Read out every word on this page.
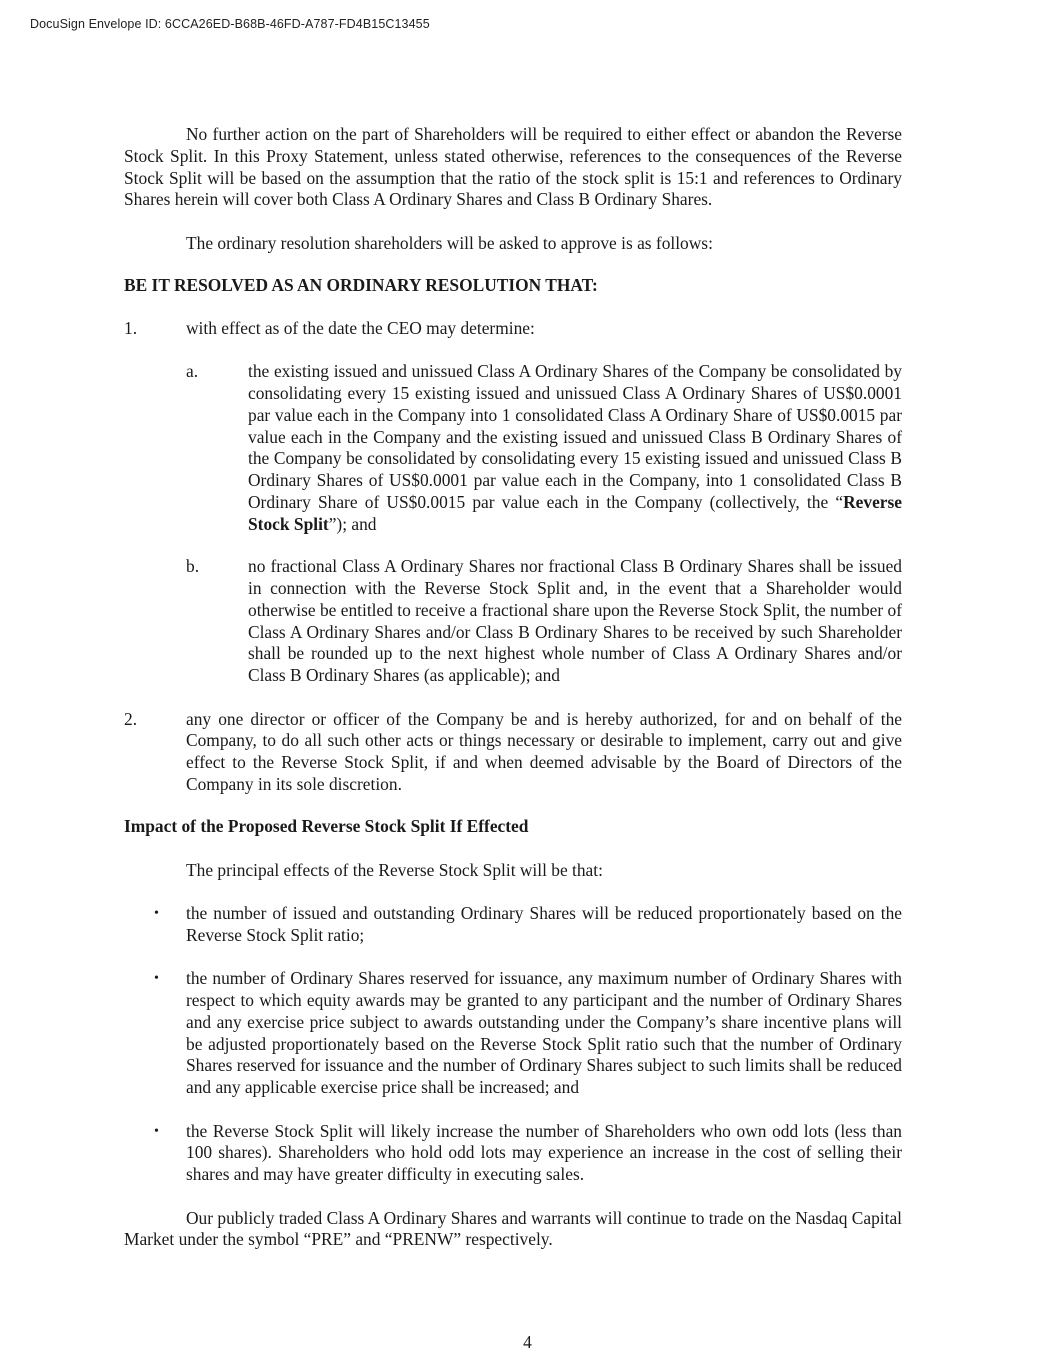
DocuSign Envelope ID: 6CCA26ED-B68B-46FD-A787-FD4B15C13455

No further action on the part of Shareholders will be required to either effect or abandon the Reverse Stock Split. In this Proxy Statement, unless stated otherwise, references to the consequences of the Reverse Stock Split will be based on the assumption that the ratio of the stock split is 15:1 and references to Ordinary Shares herein will cover both Class A Ordinary Shares and Class B Ordinary Shares.

The ordinary resolution shareholders will be asked to approve is as follows:

BE IT RESOLVED AS AN ORDINARY RESOLUTION THAT:

1.	with effect as of the date the CEO may determine:

a.	the existing issued and unissued Class A Ordinary Shares of the Company be consolidated by consolidating every 15 existing issued and unissued Class A Ordinary Shares of US$0.0001 par value each in the Company into 1 consolidated Class A Ordinary Share of US$0.0015 par value each in the Company and the existing issued and unissued Class B Ordinary Shares of the Company be consolidated by consolidating every 15 existing issued and unissued Class B Ordinary Shares of US$0.0001 par value each in the Company, into 1 consolidated Class B Ordinary Share of US$0.0015 par value each in the Company (collectively, the “Reverse Stock Split”); and

b.	no fractional Class A Ordinary Shares nor fractional Class B Ordinary Shares shall be issued in connection with the Reverse Stock Split and, in the event that a Shareholder would otherwise be entitled to receive a fractional share upon the Reverse Stock Split, the number of Class A Ordinary Shares and/or Class B Ordinary Shares to be received by such Shareholder shall be rounded up to the next highest whole number of Class A Ordinary Shares and/or Class B Ordinary Shares (as applicable); and

2.	any one director or officer of the Company be and is hereby authorized, for and on behalf of the Company, to do all such other acts or things necessary or desirable to implement, carry out and give effect to the Reverse Stock Split, if and when deemed advisable by the Board of Directors of the Company in its sole discretion.

Impact of the Proposed Reverse Stock Split If Effected

The principal effects of the Reverse Stock Split will be that:

• the number of issued and outstanding Ordinary Shares will be reduced proportionately based on the Reverse Stock Split ratio;

• the number of Ordinary Shares reserved for issuance, any maximum number of Ordinary Shares with respect to which equity awards may be granted to any participant and the number of Ordinary Shares and any exercise price subject to awards outstanding under the Company’s share incentive plans will be adjusted proportionately based on the Reverse Stock Split ratio such that the number of Ordinary Shares reserved for issuance and the number of Ordinary Shares subject to such limits shall be reduced and any applicable exercise price shall be increased; and

• the Reverse Stock Split will likely increase the number of Shareholders who own odd lots (less than 100 shares). Shareholders who hold odd lots may experience an increase in the cost of selling their shares and may have greater difficulty in executing sales.

Our publicly traded Class A Ordinary Shares and warrants will continue to trade on the Nasdaq Capital Market under the symbol “PRE” and “PRENW” respectively.

4
